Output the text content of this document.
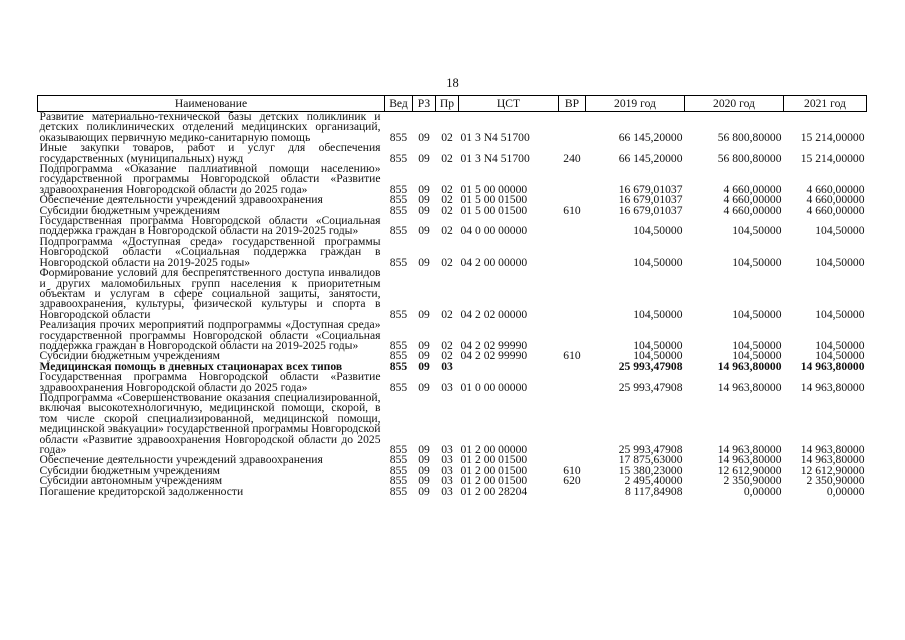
18
Наименование	Вед	РЗ	Пр	ЦСТ	ВР	2019 год	2020 год	2021 год
Развитие материально-технической базы детских поликлиник и детских поликлинических отделений медицинских организаций, оказывающих первичную медико-санитарную помощь	855	09	02	01 3 N4 51700		66 145,20000	56 800,80000	15 214,00000
Иные закупки товаров, работ и услуг для обеспечения государственных (муниципальных) нужд	855	09	02	01 3 N4 51700	240	66 145,20000	56 800,80000	15 214,00000
Подпрограмма «Оказание паллиативной помощи населению» государственной программы Новгородской области «Развитие здравоохранения Новгородской области до 2025 года»	855	09	02	01 5 00 00000		16 679,01037	4 660,00000	4 660,00000
Обеспечение деятельности учреждений здравоохранения	855	09	02	01 5 00 01500		16 679,01037	4 660,00000	4 660,00000
Субсидии бюджетным учреждениям	855	09	02	01 5 00 01500	610	16 679,01037	4 660,00000	4 660,00000
Государственная программа Новгородской области «Социальная поддержка граждан в Новгородской области на 2019-2025 годы»	855	09	02	04 0 00 00000		104,50000	104,50000	104,50000
Подпрограмма «Доступная среда» государственной программы Новгородской области «Социальная поддержка граждан в Новгородской области на 2019-2025 годы»	855	09	02	04 2 00 00000		104,50000	104,50000	104,50000
Формирование условий для беспрепятственного доступа инвалидов и других маломобильных групп населения к приоритетным объектам и услугам в сфере социальной защиты, занятости, здравоохранения, культуры, физической культуры и спорта в Новгородской области	855	09	02	04 2 02 00000		104,50000	104,50000	104,50000
Реализация прочих мероприятий подпрограммы «Доступная среда» государственной программы Новгородской области «Социальная поддержка граждан в Новгородской области на 2019-2025 годы»	855	09	02	04 2 02 99990		104,50000	104,50000	104,50000
Субсидии бюджетным учреждениям	855	09	02	04 2 02 99990	610	104,50000	104,50000	104,50000
Медицинская помощь в дневных стационарах всех типов	855	09	03			25 993,47908	14 963,80000	14 963,80000
Государственная программа Новгородской области «Развитие здравоохранения Новгородской области до 2025 года»	855	09	03	01 0 00 00000		25 993,47908	14 963,80000	14 963,80000
Подпрограмма «Совершенствование оказания специализированной, включая высокотехнологичную, медицинской помощи, скорой, в том числе скорой специализированной, медицинской помощи, медицинской эвакуации» государственной программы Новгородской области «Развитие здравоохранения Новгородской области до 2025 года»	855	09	03	01 2 00 00000		25 993,47908	14 963,80000	14 963,80000
Обеспечение деятельности учреждений здравоохранения	855	09	03	01 2 00 01500		17 875,63000	14 963,80000	14 963,80000
Субсидии бюджетным учреждениям	855	09	03	01 2 00 01500	610	15 380,23000	12 612,90000	12 612,90000
Субсидии автономным учреждениям	855	09	03	01 2 00 01500	620	2 495,40000	2 350,90000	2 350,90000
Погашение кредиторской задолженности	855	09	03	01 2 00 28204		8 117,84908	0,00000	0,00000
